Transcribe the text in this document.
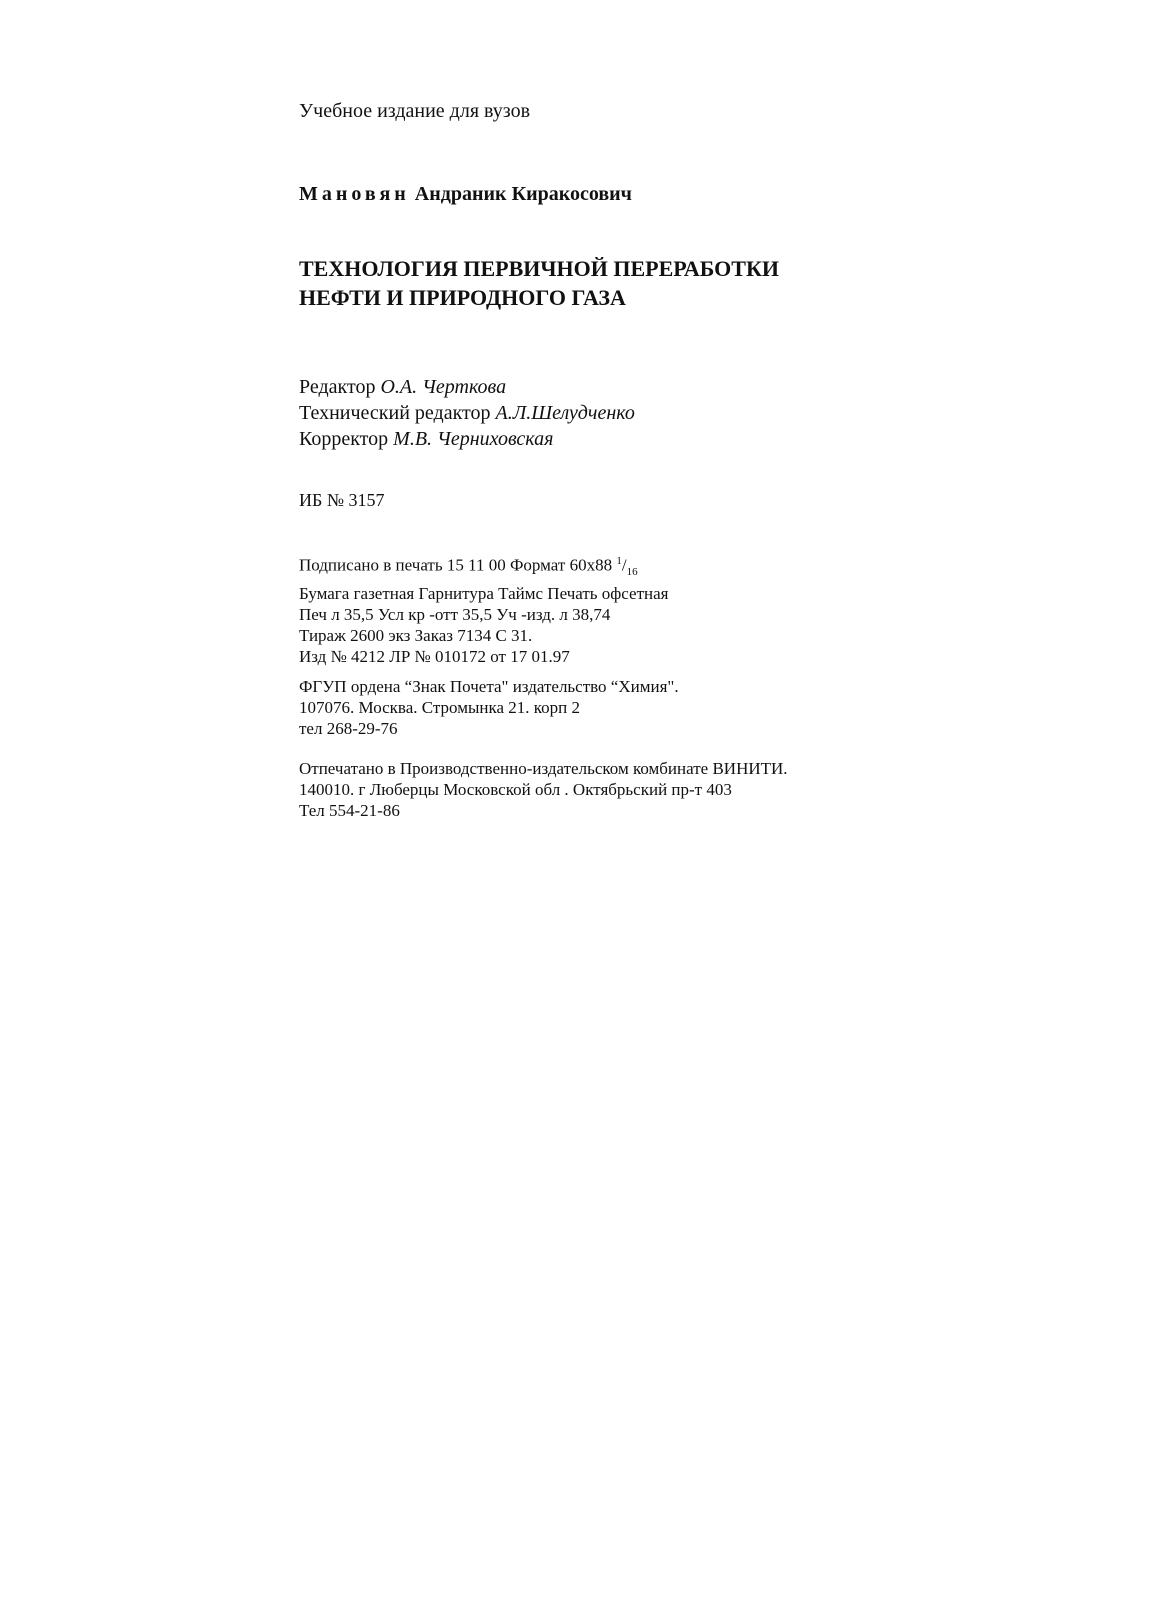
Учебное издание для вузов
Мановян Андраник Киракосович
ТЕХНОЛОГИЯ ПЕРВИЧНОЙ ПЕРЕРАБОТКИ
НЕФТИ И ПРИРОДНОГО ГАЗА
Редактор О.А. Черткова
Технический редактор А.Л.Шелудченко
Корректор М.В. Черниховская
ИБ № 3157
Подписано в печать 15 11 00 Формат 60х88 $^1/_{16}$
Бумага газетная Гарнитура Таймс Печать офсетная
Печ л 35,5 Усл кр -отт 35,5 Уч -изд. л 38,74
Тираж 2600 экз Заказ 7134 С 31.
Изд № 4212 ЛР № 010172 от 17 01.97
ФГУП ордена “Знак Почета" издательство “Химия".
107076. Москва. Стромынка 21. корп 2
тел 268-29-76
Отпечатано в Производственно-издательском комбинате ВИНИТИ.
140010. г Люберцы Московской обл . Октябрьский пр-т 403
Тел 554-21-86
